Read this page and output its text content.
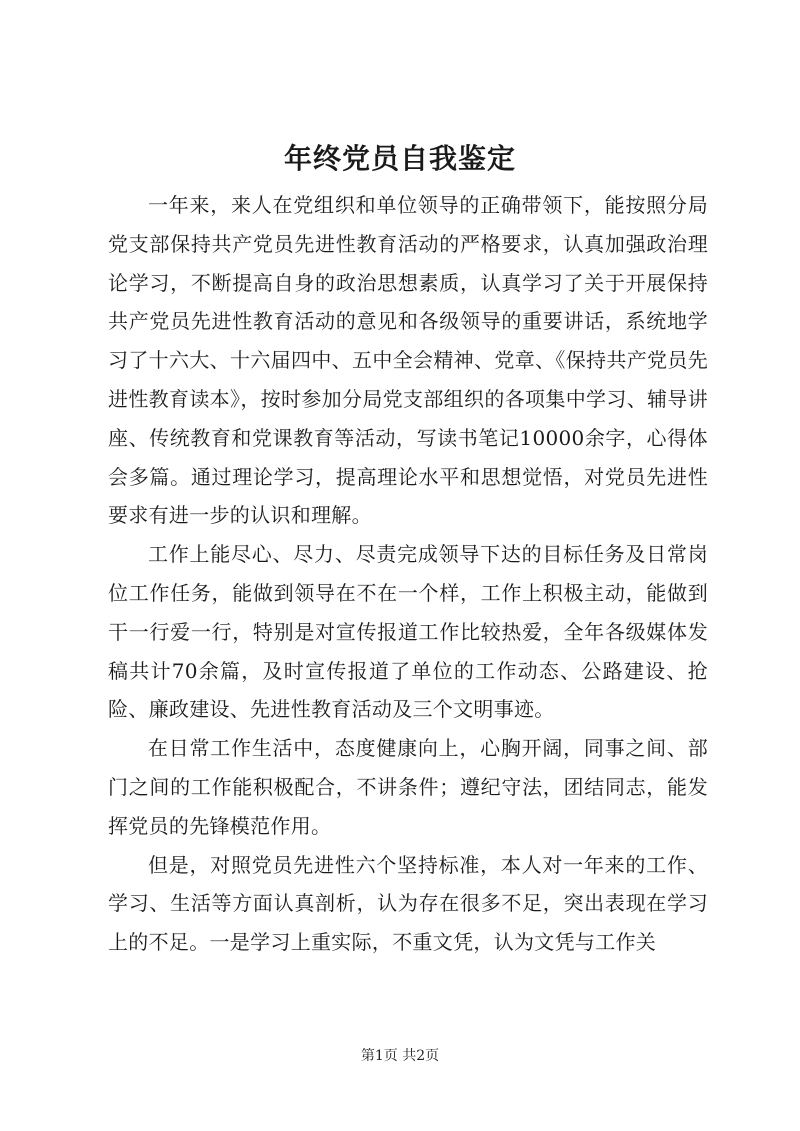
年终党员自我鉴定

一年来，来人在党组织和单位领导的正确带领下，能按照分局党支部保持共产党员先进性教育活动的严格要求，认真加强政治理论学习，不断提高自身的政治思想素质，认真学习了关于开展保持共产党员先进性教育活动的意见和各级领导的重要讲话，系统地学习了十六大、十六届四中、五中全会精神、党章、《保持共产党员先进性教育读本》，按时参加分局党支部组织的各项集中学习、辅导讲座、传统教育和党课教育等活动，写读书笔记10000余字，心得体会多篇。通过理论学习，提高理论水平和思想觉悟，对党员先进性要求有进一步的认识和理解。

工作上能尽心、尽力、尽责完成领导下达的目标任务及日常岗位工作任务，能做到领导在不在一个样，工作上积极主动，能做到干一行爱一行，特别是对宣传报道工作比较热爱，全年各级媒体发稿共计70余篇，及时宣传报道了单位的工作动态、公路建设、抢险、廉政建设、先进性教育活动及三个文明事迹。

在日常工作生活中，态度健康向上，心胸开阔，同事之间、部门之间的工作能积极配合，不讲条件；遵纪守法，团结同志，能发挥党员的先锋模范作用。

但是，对照党员先进性六个坚持标准，本人对一年来的工作、学习、生活等方面认真剖析，认为存在很多不足，突出表现在学习上的不足。一是学习上重实际，不重文凭，认为文凭与工作关

第1页 共2页
